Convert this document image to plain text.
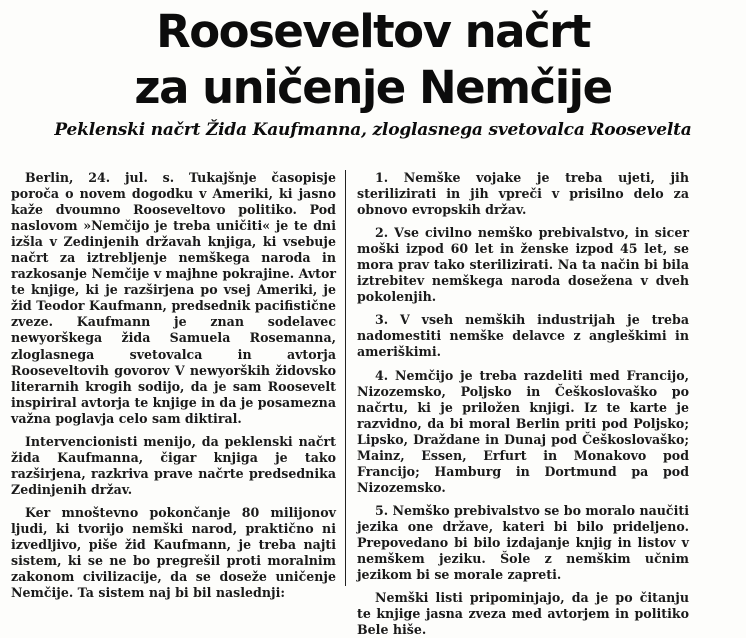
Rooseveltov načrt
za uničenje Nemčije
Peklenski načrt Žida Kaufmanna, zloglasnega svetovalca Roosevelta

Berlin, 24. jul. s. Tukajšnje časopisje poroča o novem dogodku v Ameriki, ki jasno kaže dvoumno Rooseveltovo politiko. Pod naslovom »Nemčijo je treba uničiti« je te dni izšla v Zedinjenih državah knjiga, ki vsebuje načrt za iztrebljenje nemškega naroda in razkosanje Nemčije v majhne pokrajine. Avtor te knjige, ki je razširjena po vsej Ameriki, je žid Teodor Kaufmann, predsednik pacifistične zveze. Kaufmann je znan sodelavec newyorškega žida Samuela Rosemanna, zloglasnega svetovalca in avtorja Rooseveltovih govorov V newyorških židovsko literarnih krogih sodijo, da je sam Roosevelt inspiriral avtorja te knjige in da je posamezna važna poglavja celo sam diktiral.

Intervencionisti menijo, da peklenski načrt žida Kaufmanna, čigar knjiga je tako razširjena, razkriva prave načrte predsednika Zedinjenih držav.

Ker mnoštevno pokončanje 80 milijonov ljudi, ki tvorijo nemški narod, praktično ni izvedljivo, piše žid Kaufmann, je treba najti sistem, ki se ne bo pregrešil proti moralnim zakonom civilizacije, da se doseže uničenje Nemčije. Ta sistem naj bi bil naslednji:

1. Nemške vojake je treba ujeti, jih sterilizirati in jih vpreči v prisilno delo za obnovo evropskih držav.

2. Vse civilno nemško prebivalstvo, in sicer moški izpod 60 let in ženske izpod 45 let, se mora prav tako sterilizirati. Na ta način bi bila iztrebitev nemškega naroda dosežena v dveh pokolenjih.

3. V vseh nemških industrijah je treba nadomestiti nemške delavce z angleškimi in ameriškimi.

4. Nemčijo je treba razdeliti med Francijo, Nizozemsko, Poljsko in Češkoslovaško po načrtu, ki je priložen knjigi. Iz te karte je razvidno, da bi moral Berlin priti pod Poljsko; Lipsko, Draždane in Dunaj pod Češkoslovaško; Mainz, Essen, Erfurt in Monakovo pod Francijo; Hamburg in Dortmund pa pod Nizozemsko.

5. Nemško prebivalstvo se bo moralo naučiti jezika one države, kateri bi bilo prideljeno. Prepovedano bi bilo izdajanje knjig in listov v nemškem jeziku. Šole z nemškim učnim jezikom bi se morale zapreti.

Nemški listi pripominjajo, da je po čitanju te knjige jasna zveza med avtorjem in politiko Bele hiše.
